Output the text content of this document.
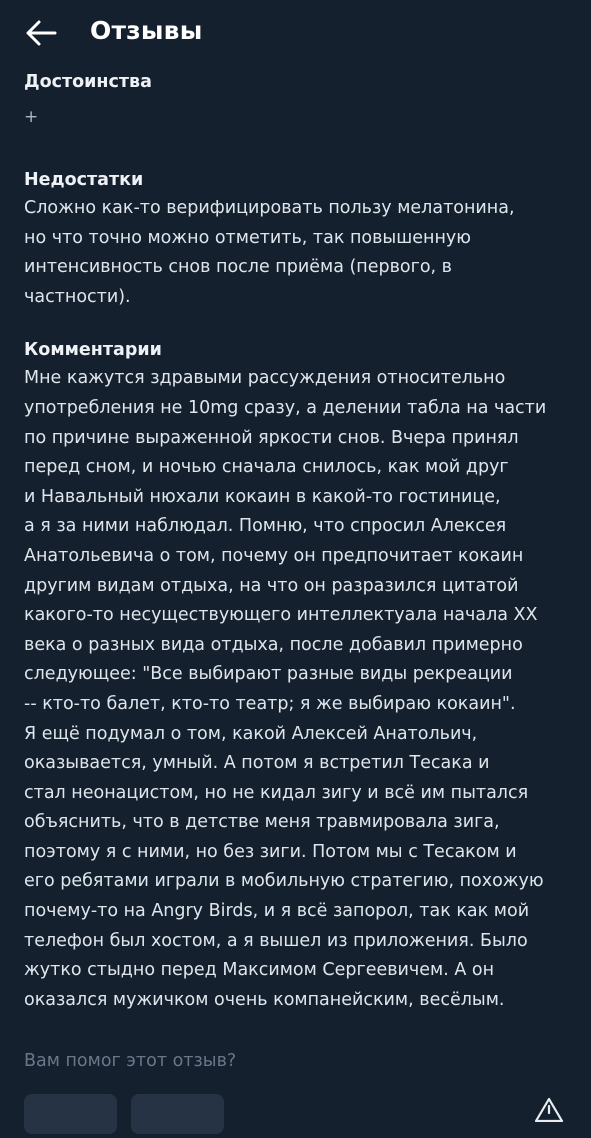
Отзывы

Достоинства

+

Недостатки

Сложно как-то верифицировать пользу мелатонина,
но что точно можно отметить, так повышенную
интенсивность снов после приёма (первого, в
частности).

Комментарии

Мне кажутся здравыми рассуждения относительно
употребления не 10mg сразу, а делении табла на части
по причине выраженной яркости снов. Вчера принял
перед сном, и ночью сначала снилось, как мой друг
и Навальный нюхали кокаин в какой-то гостинице,
а я за ними наблюдал. Помню, что спросил Алексея
Анатольевича о том, почему он предпочитает кокаин
другим видам отдыха, на что он разразился цитатой
какого-то несуществующего интеллектуала начала XX
века о разных вида отдыха, после добавил примерно
следующее: "Все выбирают разные виды рекреации
-- кто-то балет, кто-то театр; я же выбираю кокаин".
Я ещё подумал о том, какой Алексей Анатольич,
оказывается, умный. А потом я встретил Тесака и
стал неонацистом, но не кидал зигу и всё им пытался
объяснить, что в детстве меня травмировала зига,
поэтому я с ними, но без зиги. Потом мы с Тесаком и
его ребятами играли в мобильную стратегию, похожую
почему-то на Angry Birds, и я всё запорол, так как мой
телефон был хостом, а я вышел из приложения. Было
жутко стыдно перед Максимом Сергеевичем. А он
оказался мужичком очень компанейским, весёлым.

Вам помог этот отзыв?
